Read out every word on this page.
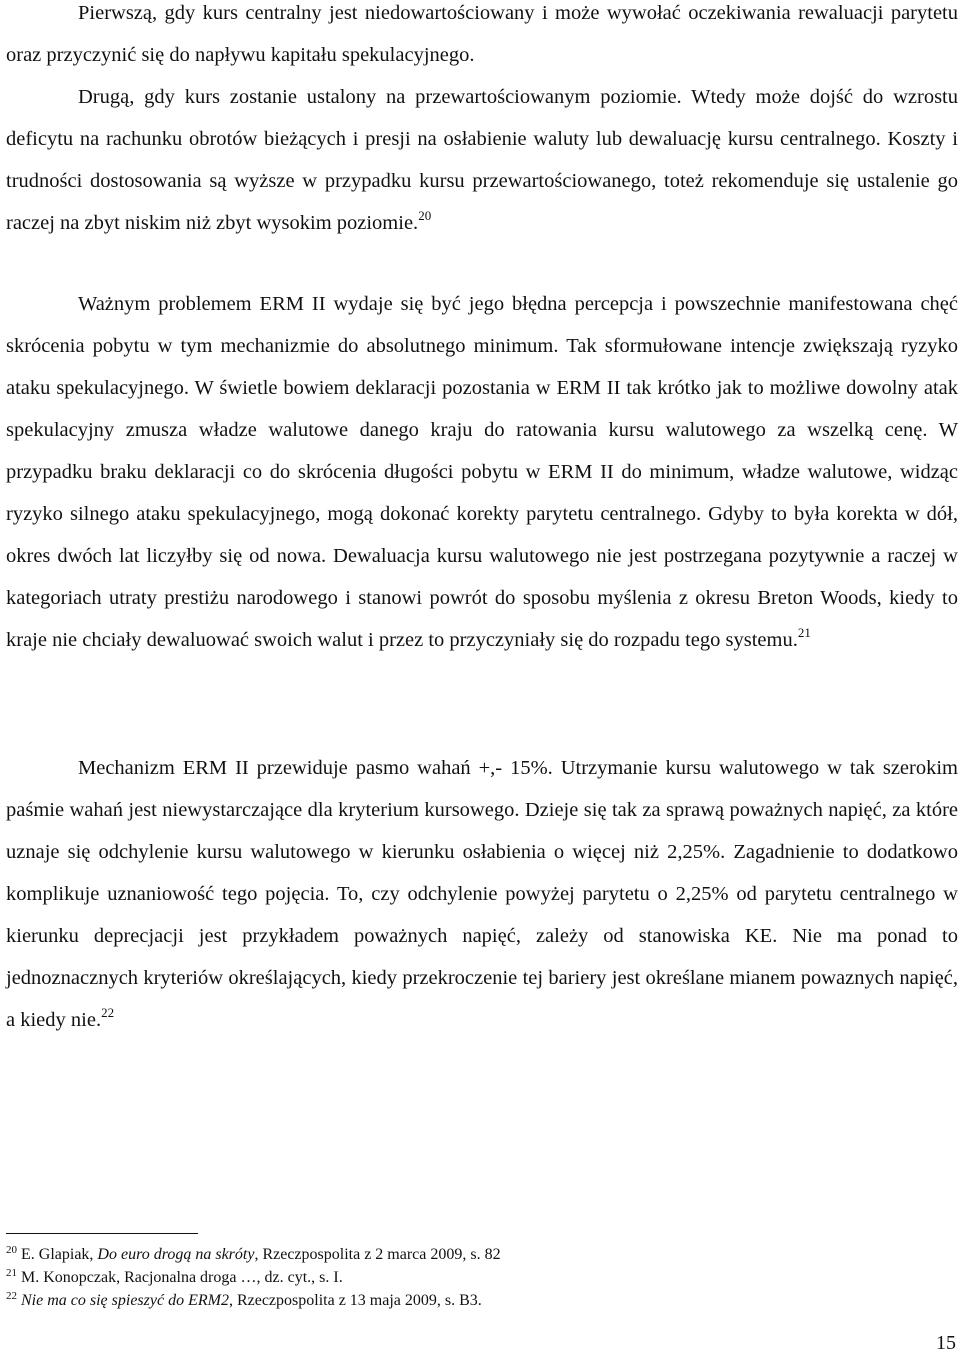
Pierwszą, gdy kurs centralny jest niedowartościowany i może wywołać oczekiwania rewaluacji parytetu oraz przyczynić się do napływu kapitału spekulacyjnego.

Drugą, gdy kurs zostanie ustalony na przewartościowanym poziomie. Wtedy może dojść do wzrostu deficytu na rachunku obrotów bieżących i presji na osłabienie waluty lub dewaluację kursu centralnego. Koszty i trudności dostosowania są wyższe w przypadku kursu przewartościowanego, toteż rekomenduje się ustalenie go raczej na zbyt niskim niż zbyt wysokim poziomie.$^{20}$

Ważnym problemem ERM II wydaje się być jego błędna percepcja i powszechnie manifestowana chęć skrócenia pobytu w tym mechanizmie do absolutnego minimum. Tak sformułowane intencje zwiększają ryzyko ataku spekulacyjnego. W świetle bowiem deklaracji pozostania w ERM II tak krótko jak to możliwe dowolny atak spekulacyjny zmusza władze walutowe danego kraju do ratowania kursu walutowego za wszelką cenę. W przypadku braku deklaracji co do skrócenia długości pobytu w ERM II do minimum, władze walutowe, widząc ryzyko silnego ataku spekulacyjnego, mogą dokonać korekty parytetu centralnego. Gdyby to była korekta w dół, okres dwóch lat liczyłby się od nowa. Dewaluacja kursu walutowego nie jest postrzegana pozytywnie a raczej w kategoriach utraty prestiżu narodowego i stanowi powrót do sposobu myślenia z okresu Breton Woods, kiedy to kraje nie chciały dewaluować swoich walut i przez to przyczyniały się do rozpadu tego systemu.$^{21}$

Mechanizm ERM II przewiduje pasmo wahań +,- 15%. Utrzymanie kursu walutowego w tak szerokim paśmie wahań jest niewystarczające dla kryterium kursowego. Dzieje się tak za sprawą poważnych napięć, za które uznaje się odchylenie kursu walutowego w kierunku osłabienia o więcej niż 2,25%. Zagadnienie to dodatkowo komplikuje uznaniowość tego pojęcia. To, czy odchylenie powyżej parytetu o 2,25% od parytetu centralnego w kierunku deprecjacji jest przykładem poważnych napięć, zależy od stanowiska KE. Nie ma ponad to jednoznacznych kryteriów określających, kiedy przekroczenie tej bariery jest określane mianem powaznych napięć, a kiedy nie.$^{22}$

$^{20}$ E. Glapiak, Do euro drogą na skróty, Rzeczpospolita z 2 marca 2009, s. 82
$^{21}$ M. Konopczak, Racjonalna droga …, dz. cyt., s. I.
$^{22}$ Nie ma co się spieszyć do ERM2, Rzeczpospolita z 13 maja 2009, s. B3.
15
